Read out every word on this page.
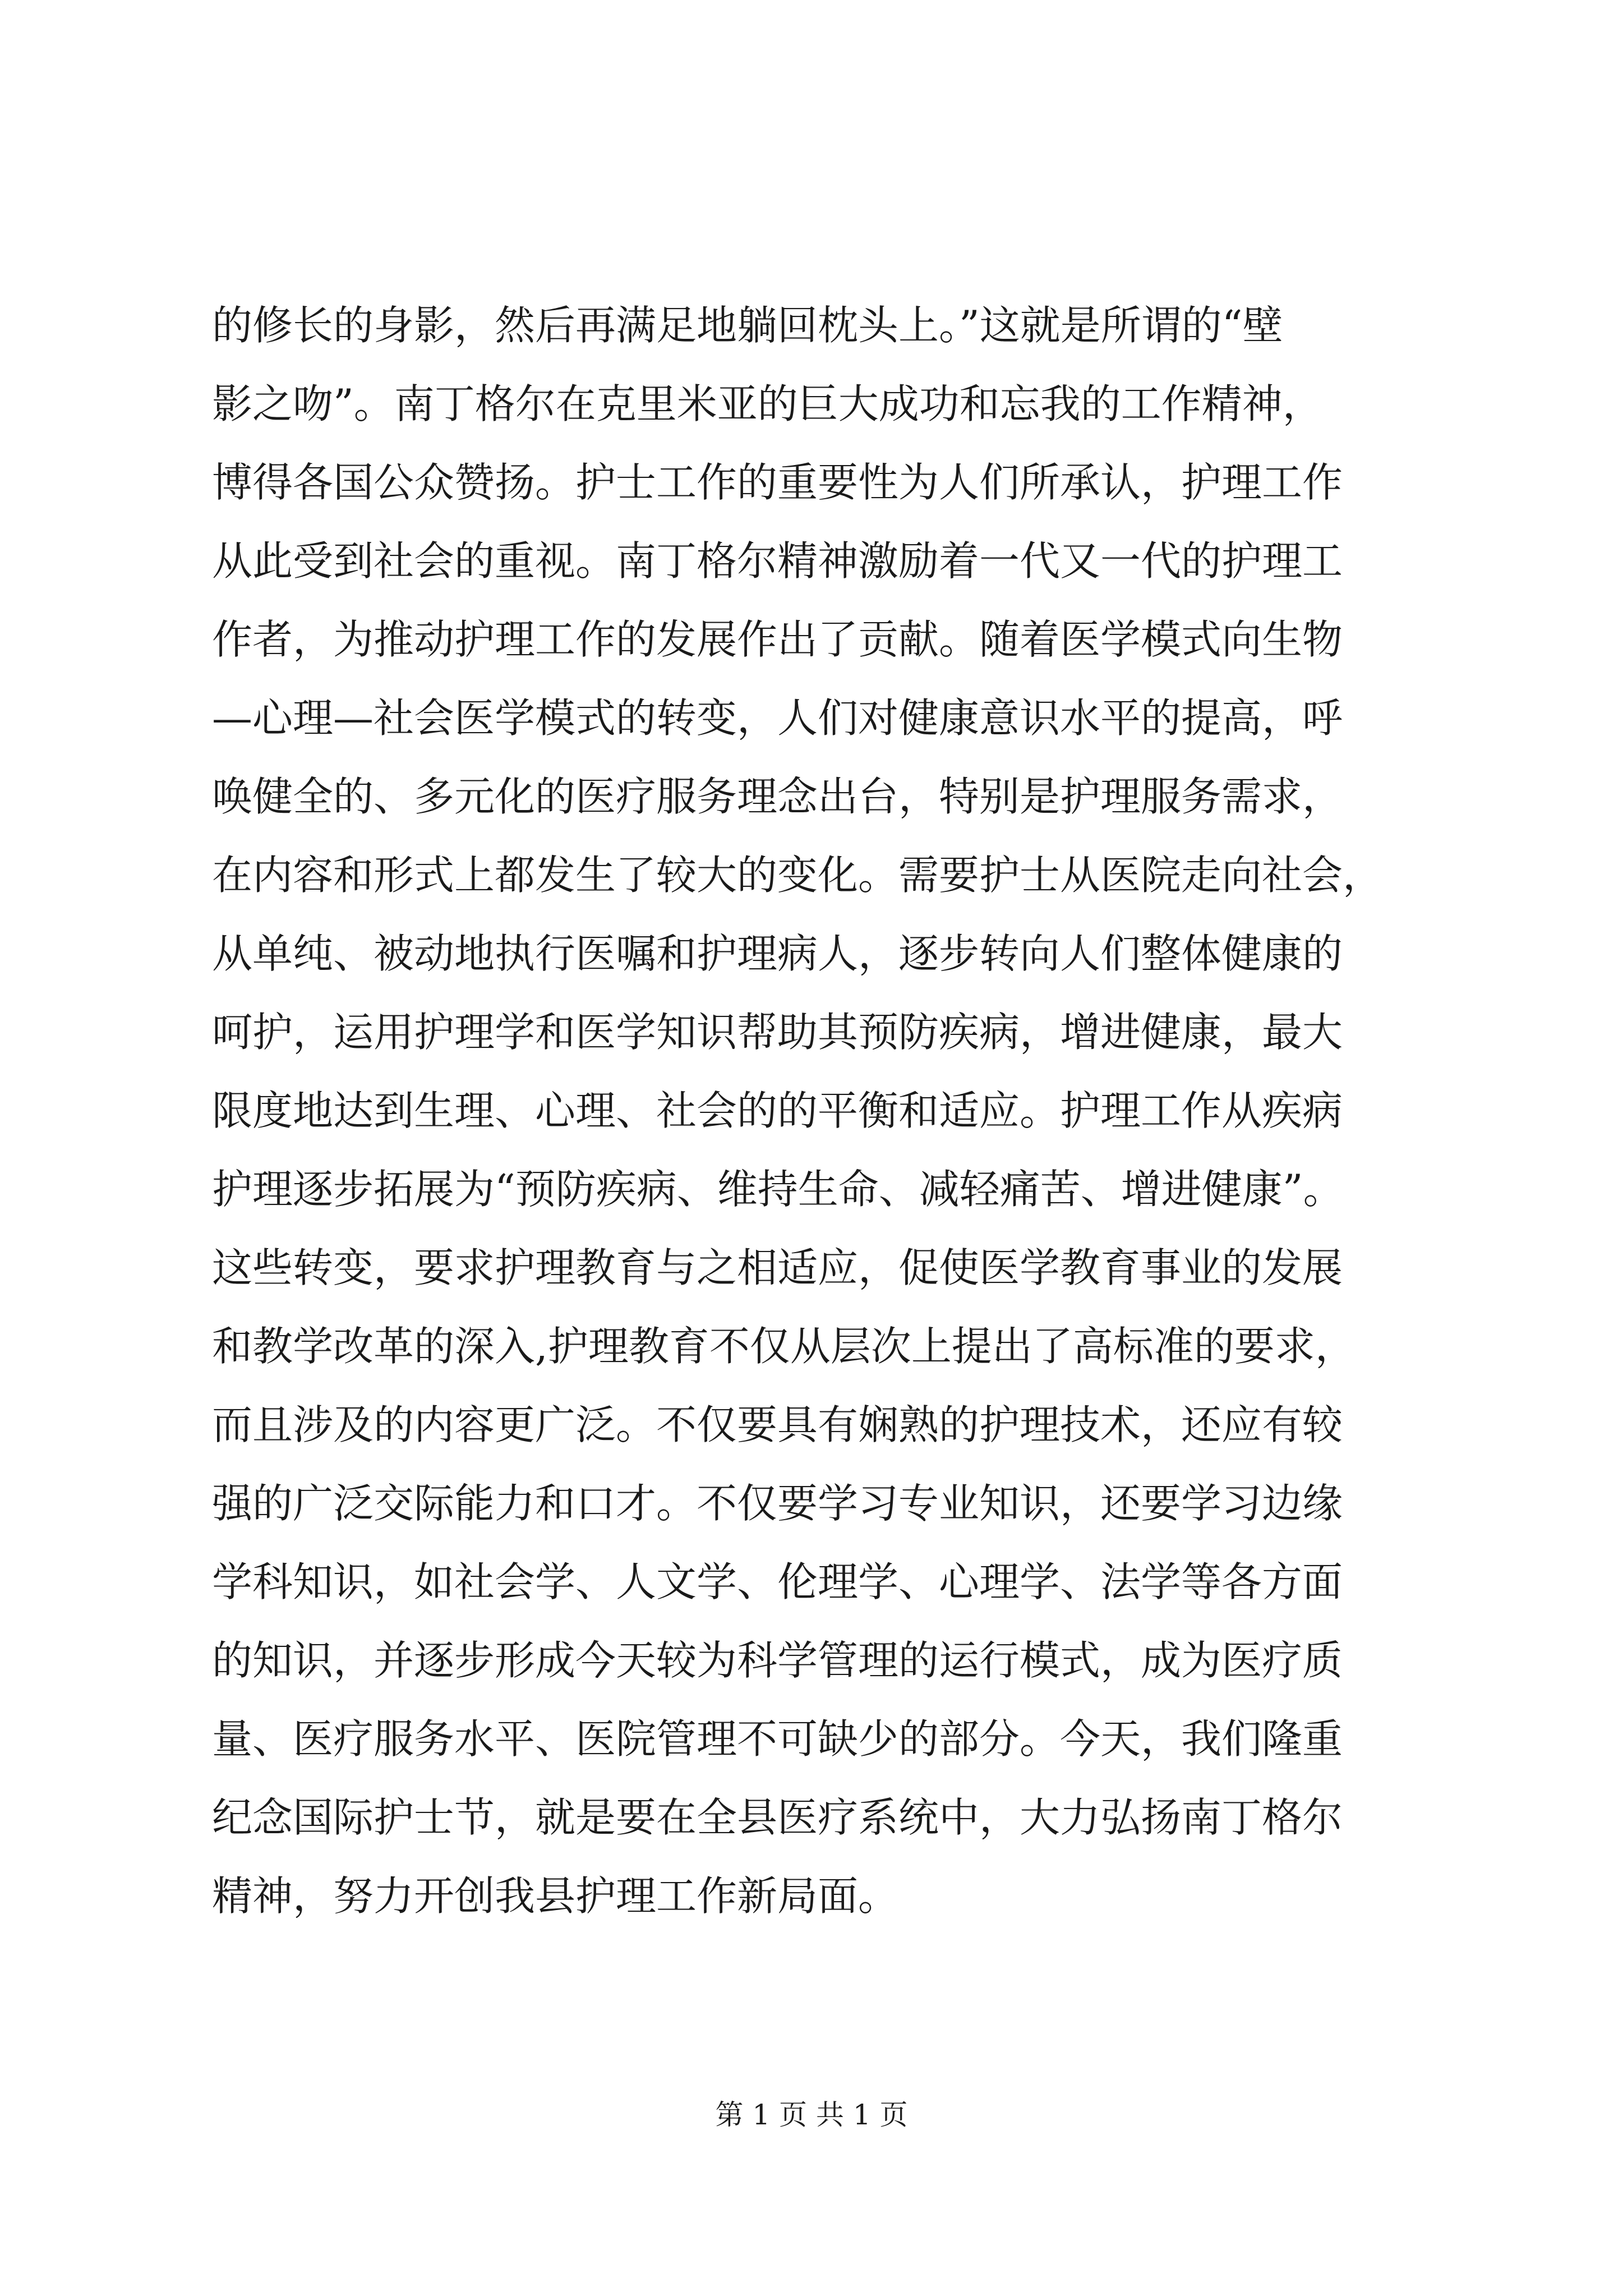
的修长的身影，然后再满足地躺回枕头上。”这就是所谓的“壁
影之吻”。南丁格尔在克里米亚的巨大成功和忘我的工作精神，
博得各国公众赞扬。护士工作的重要性为人们所承认，护理工作
从此受到社会的重视。南丁格尔精神激励着一代又一代的护理工
作者，为推动护理工作的发展作出了贡献。随着医学模式向生物
—心理—社会医学模式的转变，人们对健康意识水平的提高，呼
唤健全的、多元化的医疗服务理念出台，特别是护理服务需求，
在内容和形式上都发生了较大的变化。需要护士从医院走向社会，
从单纯、被动地执行医嘱和护理病人，逐步转向人们整体健康的
呵护，运用护理学和医学知识帮助其预防疾病，增进健康，最大
限度地达到生理、心理、社会的的平衡和适应。护理工作从疾病
护理逐步拓展为“预防疾病、维持生命、减轻痛苦、增进健康”。
这些转变，要求护理教育与之相适应，促使医学教育事业的发展
和教学改革的深入,护理教育不仅从层次上提出了高标准的要求，
而且涉及的内容更广泛。不仅要具有娴熟的护理技术，还应有较
强的广泛交际能力和口才。不仅要学习专业知识，还要学习边缘
学科知识，如社会学、人文学、伦理学、心理学、法学等各方面
的知识，并逐步形成今天较为科学管理的运行模式，成为医疗质
量、医疗服务水平、医院管理不可缺少的部分。今天，我们隆重
纪念国际护士节，就是要在全县医疗系统中，大力弘扬南丁格尔
精神，努力开创我县护理工作新局面。
第 1 页 共 1 页
